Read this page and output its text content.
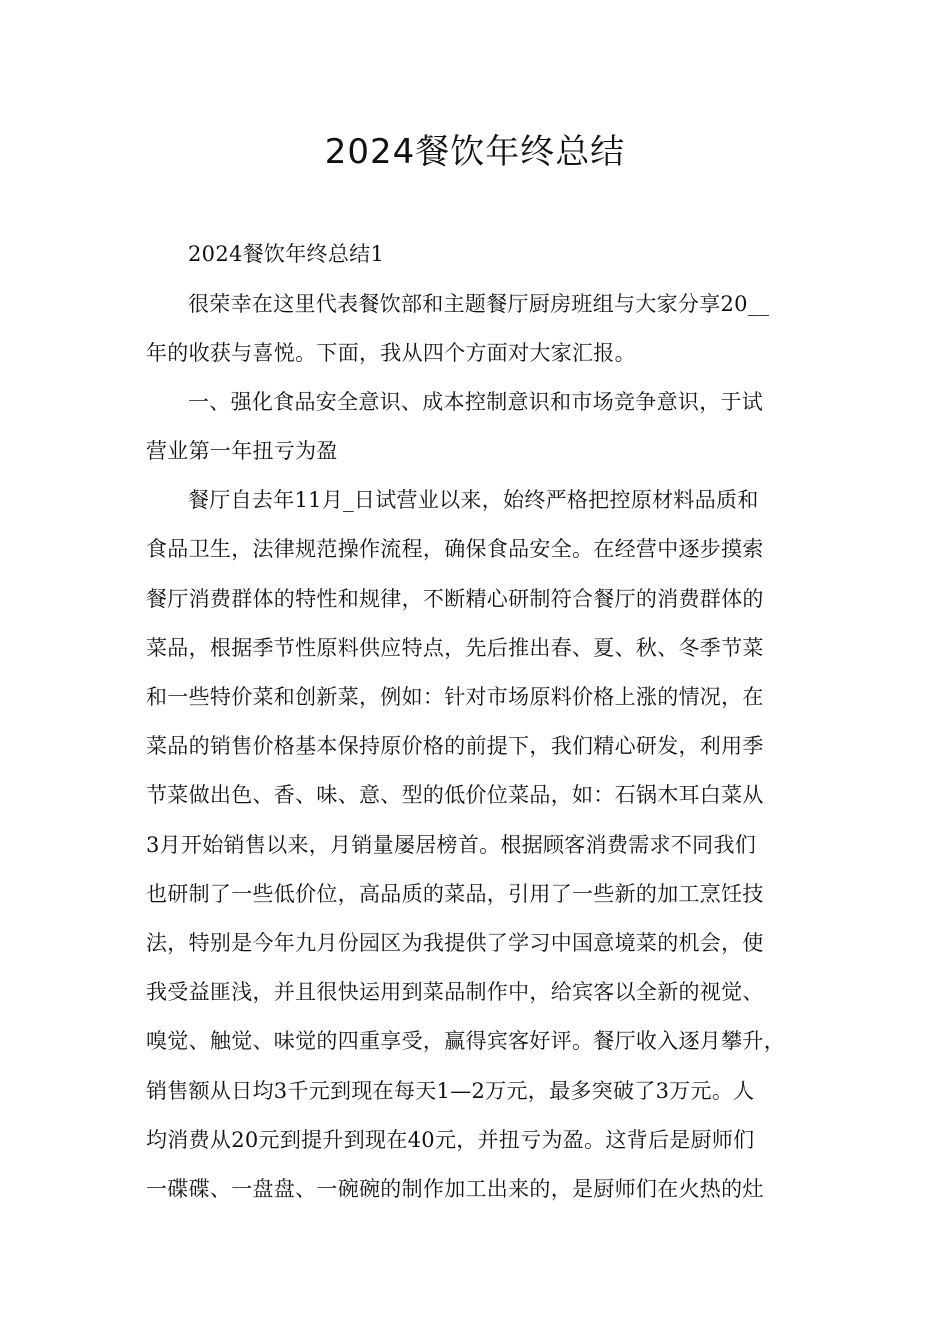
2024餐饮年终总结
2024餐饮年终总结1
很荣幸在这里代表餐饮部和主题餐厅厨房班组与大家分享20__
年的收获与喜悦。下面，我从四个方面对大家汇报。
一、强化食品安全意识、成本控制意识和市场竞争意识，于试
营业第一年扭亏为盈
餐厅自去年11月_日试营业以来，始终严格把控原材料品质和
食品卫生，法律规范操作流程，确保食品安全。在经营中逐步摸索
餐厅消费群体的特性和规律，不断精心研制符合餐厅的消费群体的
菜品，根据季节性原料供应特点，先后推出春、夏、秋、冬季节菜
和一些特价菜和创新菜，例如：针对市场原料价格上涨的情况，在
菜品的销售价格基本保持原价格的前提下，我们精心研发，利用季
节菜做出色、香、味、意、型的低价位菜品，如：石锅木耳白菜从
3月开始销售以来，月销量屡居榜首。根据顾客消费需求不同我们
也研制了一些低价位，高品质的菜品，引用了一些新的加工烹饪技
法，特别是今年九月份园区为我提供了学习中国意境菜的机会，使
我受益匪浅，并且很快运用到菜品制作中，给宾客以全新的视觉、
嗅觉、触觉、味觉的四重享受，赢得宾客好评。餐厅收入逐月攀升，
销售额从日均3千元到现在每天1—2万元，最多突破了3万元。人
均消费从20元到提升到现在40元，并扭亏为盈。这背后是厨师们
一碟碟、一盘盘、一碗碗的制作加工出来的，是厨师们在火热的灶
